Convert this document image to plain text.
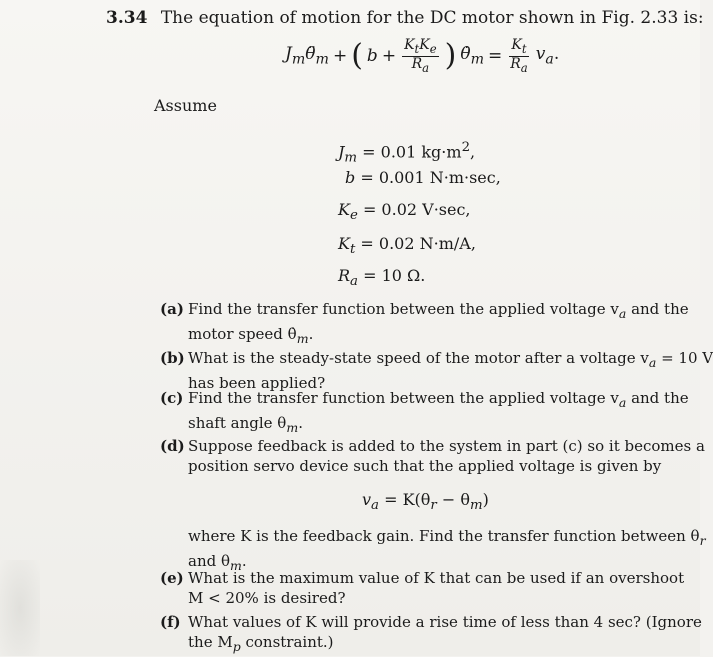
3.34 The equation of motion for the DC motor shown in Fig. 2.33 is:
$J_m\thetä_m$ + ( $b + \frac{K_tK_e}{R_a}$ ) $\thetȧ_m = \frac{K_t}{R_a} v_a$.
Assume
$J_m = 0.01$ $kg\cdot m^2$,
b = 0.001 N·m·sec,
$K_e = 0.02$ V·sec,
$K_t = 0.02$ N·m/A,
$R_a = 10$ Ω.
(a) Find the transfer function between the applied voltage $v_a$ and the
motor speed $\thetȧ_m$.
(b) What is the steady-state speed of the motor after a voltage $v_a = 10$ V
has been applied?
(c) Find the transfer function between the applied voltage $v_a$ and the
shaft angle $\theta_m$.
(d) Suppose feedback is added to the system in part (c) so it becomes a
position servo device such that the applied voltage is given by
$v_a = K(\theta_r - \theta_m)$
where K is the feedback gain. Find the transfer function between $\theta_r$
and $\theta_m$.
(e) What is the maximum value of K that can be used if an overshoot
M < 20% is desired?
(f) What values of K will provide a rise time of less than 4 sec? (Ignore
the $M_p$ constraint.)
